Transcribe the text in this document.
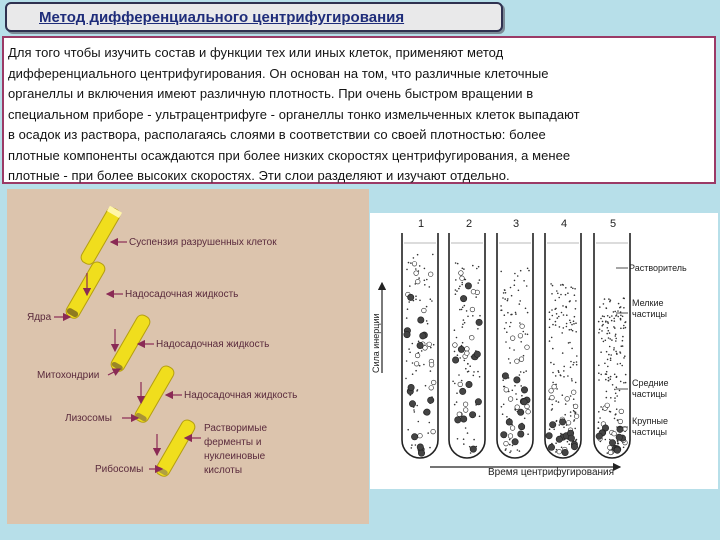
Метод дифференциального центрифугирования
Для того чтобы изучить состав и функции тех или иных клеток, применяют метод
дифференциального центрифугирования. Он основан на том, что различные клеточные
органеллы и включения имеют различную плотность. При очень быстром вращении в
специальном приборе - ультрацентрифуге - органеллы тонко измельченных клеток выпадают
в осадок из раствора, располагаясь слоями в соответствии со своей плотностью: более
плотные компоненты осаждаются при более низких скоростях центрифугирования, а менее
плотные - при более высоких скоростях. Эти слои разделяют и изучают отдельно.
Суспензия разрушенных клеток
Надосадочная жидкость
Надосадочная жидкость
Надосадочная жидкость
Ядра
Митохондрии
Лизосомы
Рибосомы
Растворимые
ферменты и
нуклеиновые
кислоты
1	2	3	4	5
Сила инерции
Время центрифугирования
Растворитель
Мелкие
частицы
Средние
частицы
Крупные
частицы
